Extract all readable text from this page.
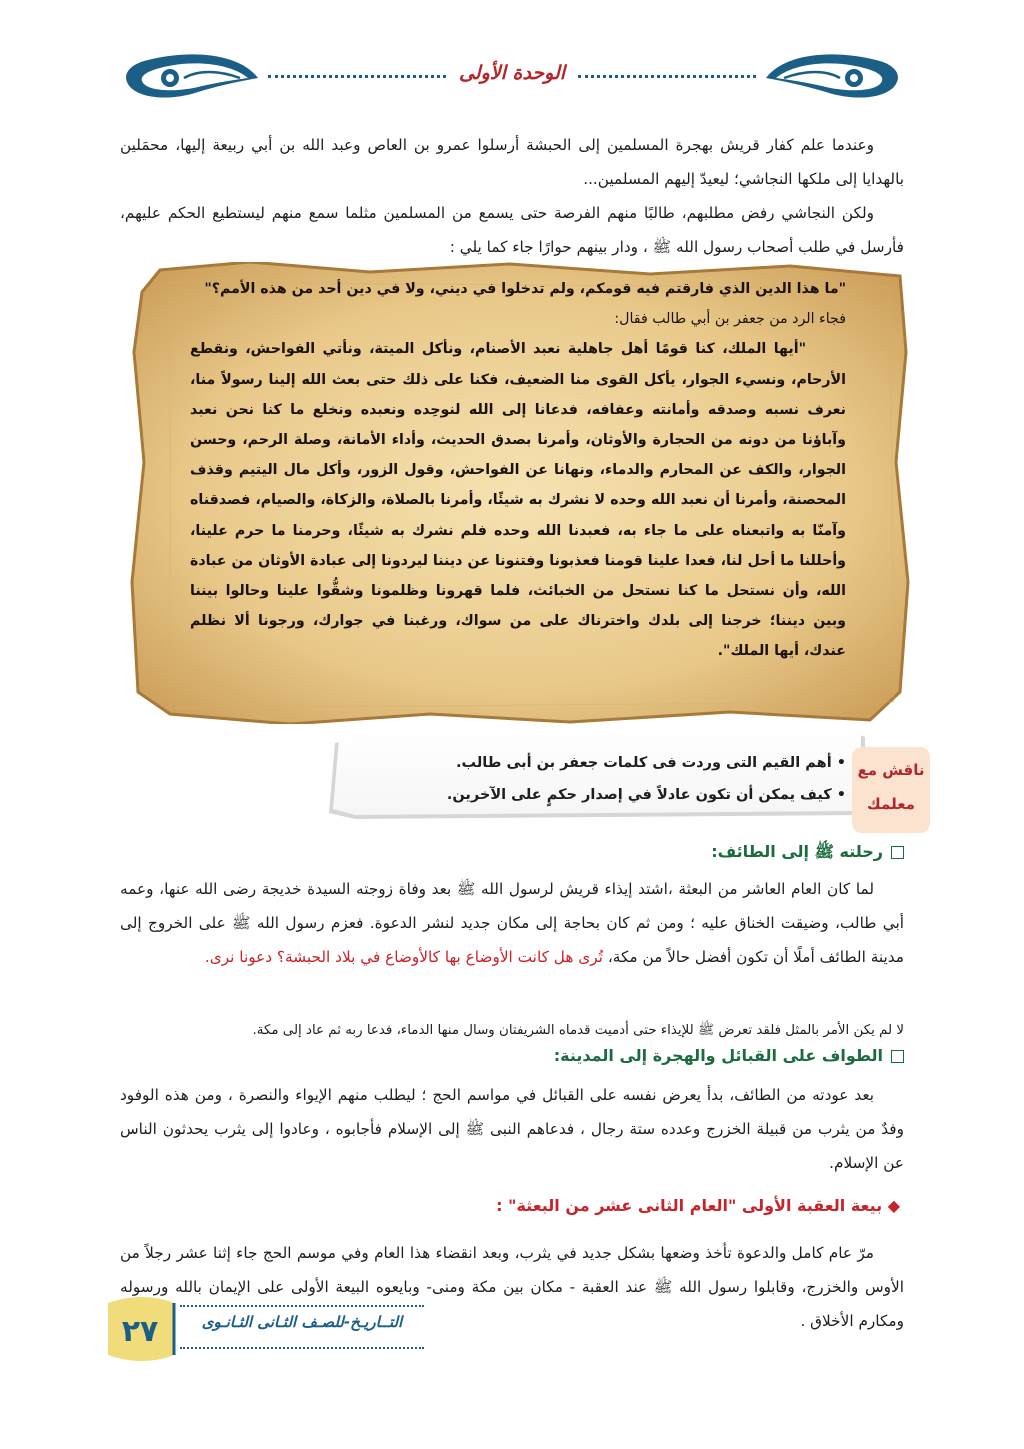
الوحدة الأولى

وعندما علم كفار قريش بهجرة المسلمين إلى الحبشة أرسلوا عمرو بن العاص وعبد الله بن أبي ربيعة إليها، محمَلين بالهدايا إلى ملكها النجاشي؛ ليعيدّ إليهم المسلمين...

ولكن النجاشي رفض مطلبهم، طالبًا منهم الفرصة حتى يسمع من المسلمين مثلما سمع منهم ليستطيع الحكم عليهم، فأرسل في طلب أصحاب رسول الله ﷺ ، ودار بينهم حوارًا جاء كما يلي :

"ما هذا الدين الذي فارقتم فيه قومكم، ولم تدخلوا في ديني، ولا في دين أحد من هذه الأمم؟"

فجاء الرد من جعفر بن أبي طالب فقال:

"أيها الملك، كنا قومًا أهل جاهلية نعبد الأصنام، ونأكل الميتة، ونأتي الفواحش، ونقطع الأرحام، ونسيء الجوار، يأكل القوى منا الضعيف، فكنا على ذلك حتى بعث الله إلينا رسولاً منا، نعرف نسبه وصدقه وأمانته وعفافه، فدعانا إلى الله لنوحِده ونعبده ونخلع ما كنا نحن نعبد وآباؤنا من دونه من الحجارة والأوثان، وأمرنا بصدق الحديث، وأداء الأمانة، وصلة الرحم، وحسن الجوار، والكف عن المحارم والدماء، ونهانا عن الفواحش، وقول الزور، وأكل مال اليتيم وقذف المحصنة، وأمرنا أن نعبد الله وحده لا نشرك به شيئًا، وأمرنا بالصلاة، والزكاة، والصيام، فصدقناه وآمنّا به واتبعناه على ما جاء به، فعبدنا الله وحده فلم نشرك به شيئًا، وحرمنا ما حرم علينا، وأحللنا ما أحل لنا، فعدا علينا قومنا فعذبونا وفتنونا عن ديننا ليردونا إلى عبادة الأوثان من عبادة الله، وأن نستحل ما كنا نستحل من الخبائث، فلما قهرونا وظلمونا وشقُّوا علينا وحالوا بيننا وبين ديننا؛ خرجنا إلى بلدك واخترناك على من سواك، ورغبنا في جوارك، ورجونا ألا نظلم عندك، أيها الملك".

ناقش مع
معلمك
• أهم القيم التى وردت فى كلمات جعفر بن أبى طالب.
• كيف يمكن أن تكون عادلاً في إصدار حكمٍ على الآخرين.
رحلته ﷺ إلى الطائف:

لما كان العام العاشر من البعثة ،اشتد إيذاء قريش لرسول الله ﷺ بعد وفاة زوجته السيدة خديجة رضى الله عنها، وعمه أبي طالب، وضيقت الخناق عليه ؛ ومن ثم كان بحاجة إلى مكان جديد لنشر الدعوة. فعزم رسول الله ﷺ على الخروج إلى مدينة الطائف أملًا أن تكون أفضل حالاً من مكة، تُرى هل كانت الأوضاع بها كالأوضاع في بلاد الحبشة؟ دعونا نرى.

لا لم يكن الأمر بالمثل فلقد تعرض ﷺ للإيذاء حتى أدميت قدماه الشريفتان وسال منها الدماء، فدعا ربه ثم عاد إلى مكة.

الطواف على القبائل والهجرة إلى المدينة:

بعد عودته من الطائف، بدأ يعرض نفسه على القبائل في مواسم الحج ؛ ليطلب منهم الإيواء والنصرة ، ومن هذه الوفود وفدٌ من يثرب من قبيلة الخزرج وعدده ستة رجال ، فدعاهم النبى ﷺ إلى الإسلام فأجابوه ، وعادوا إلى يثرب يحدثون الناس عن الإسلام.

◆ بيعة العقبة الأولى "العام الثانى عشر من البعثة" :

مرّ عام كامل والدعوة تأخذ وضعها بشكل جديد في يثرب، وبعد انقضاء هذا العام وفي موسم الحج جاء إثنا عشر رجلاً من الأوس والخزرج، وقابلوا رسول الله ﷺ عند العقبة - مكان بين مكة ومنى- وبايعوه البيعة الأولى على الإيمان بالله ورسوله ومكارم الأخلاق .

٢٧	التــاريـخ-للصـف الثـانى الثـانـوى
